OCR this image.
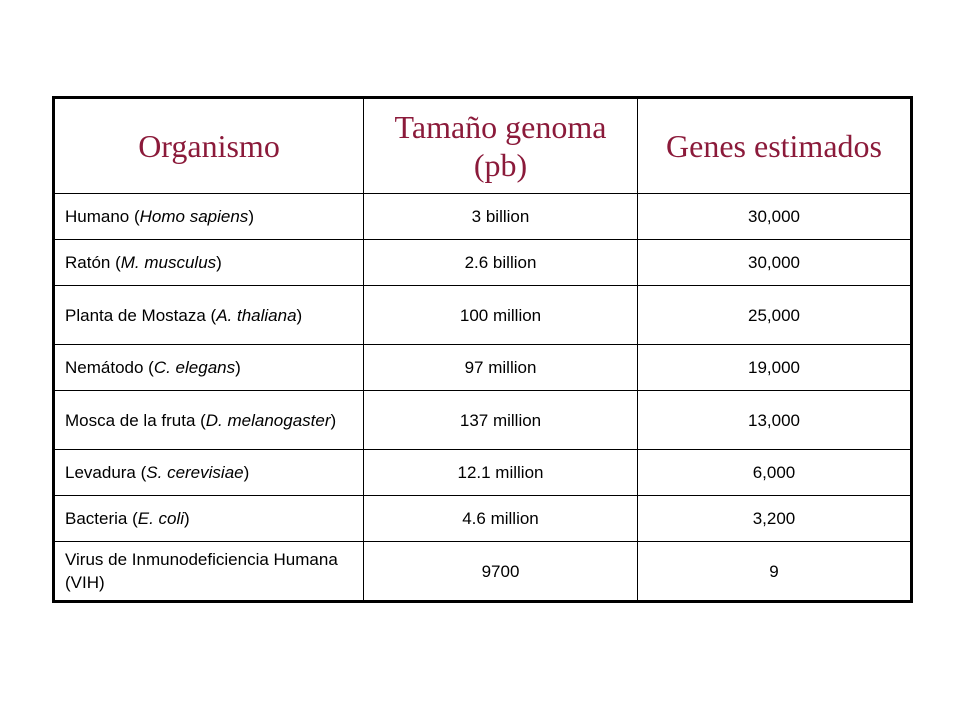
Organismo	Tamaño genoma (pb)	Genes estimados
Humano (Homo sapiens)	3 billion	30,000
Ratón (M. musculus)	2.6 billion	30,000
Planta de Mostaza (A. thaliana)	100 million	25,000
Nemátodo (C. elegans)	97 million	19,000
Mosca de la fruta (D. melanogaster)	137 million	13,000
Levadura (S. cerevisiae)	12.1 million	6,000
Bacteria (E. coli)	4.6 million	3,200
Virus de Inmunodeficiencia Humana (VIH)	9700	9
